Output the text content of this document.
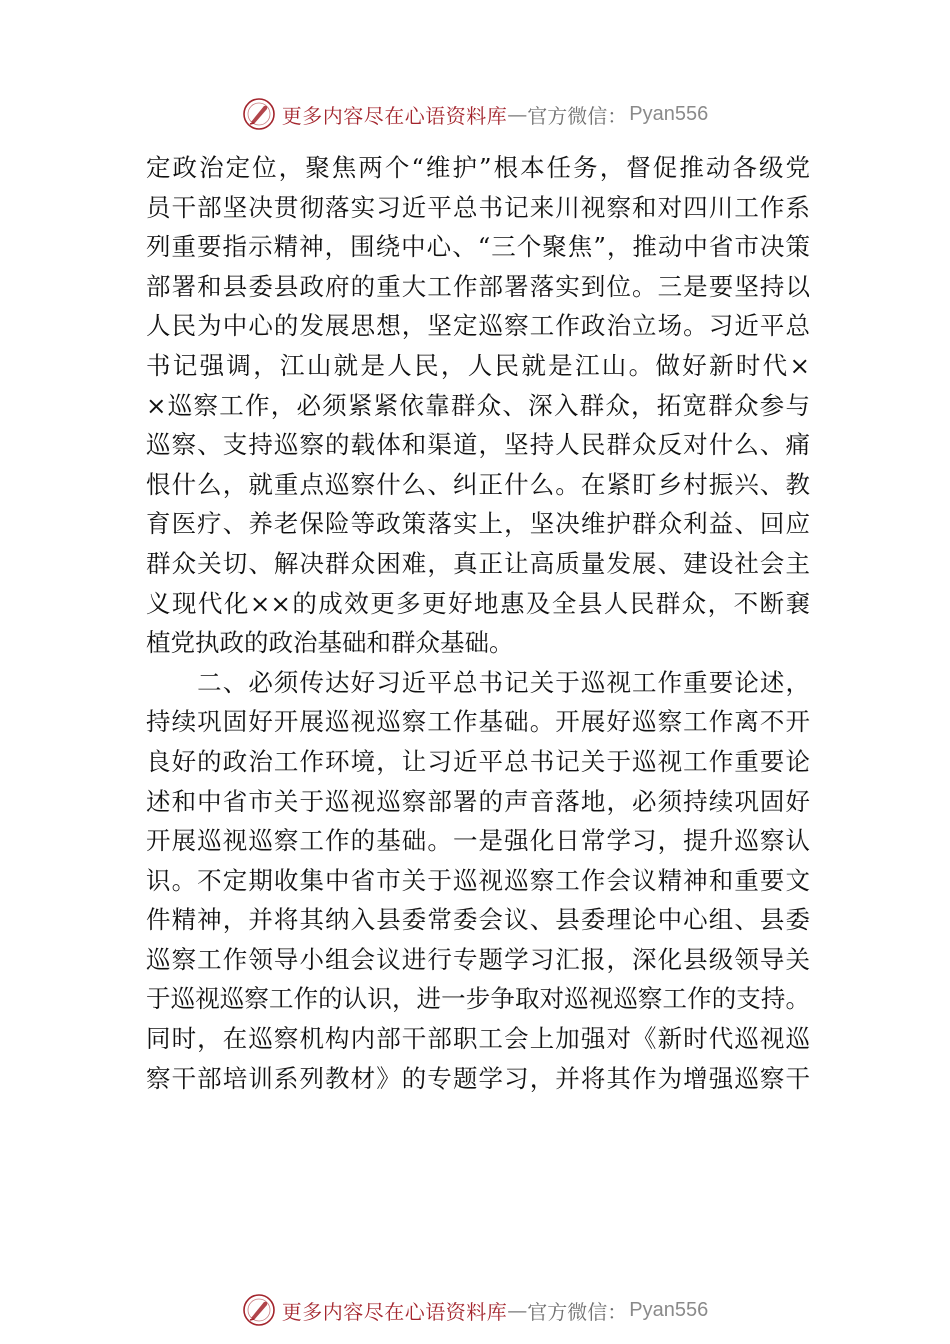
更多内容尽在心语资料库 — 官方微信： Pyan556
定政治定位，聚焦两个“维护”根本任务，督促推动各级党
员干部坚决贯彻落实习近平总书记来川视察和对四川工作系
列重要指示精神，围绕中心、“三个聚焦”，推动中省市决策
部署和县委县政府的重大工作部署落实到位。三是要坚持以
人民为中心的发展思想，坚定巡察工作政治立场。习近平总
书记强调，江山就是人民，人民就是江山。做好新时代×
×巡察工作，必须紧紧依靠群众、深入群众，拓宽群众参与
巡察、支持巡察的载体和渠道，坚持人民群众反对什么、痛
恨什么，就重点巡察什么、纠正什么。在紧盯乡村振兴、教
育医疗、养老保险等政策落实上，坚决维护群众利益、回应
群众关切、解决群众困难，真正让高质量发展、建设社会主
义现代化××的成效更多更好地惠及全县人民群众，不断㐮
植党执政的政治基础和群众基础。
　　二、必须传达好习近平总书记关于巡视工作重要论述，
持续巩固好开展巡视巡察工作基础。开展好巡察工作离不开
良好的政治工作环境，让习近平总书记关于巡视工作重要论
述和中省市关于巡视巡察部署的声音落地，必须持续巩固好
开展巡视巡察工作的基础。一是强化日常学习，提升巡察认
识。不定期收集中省市关于巡视巡察工作会议精神和重要文
件精神，并将其纳入县委常委会议、县委理论中心组、县委
巡察工作领导小组会议进行专题学习汇报，深化县级领导关
于巡视巡察工作的认识，进一步争取对巡视巡察工作的支持。
同时，在巡察机构内部干部职工会上加强对《新时代巡视巡
察干部培训系列教材》的专题学习，并将其作为增强巡察干
更多内容尽在心语资料库 — 官方微信： Pyan556
